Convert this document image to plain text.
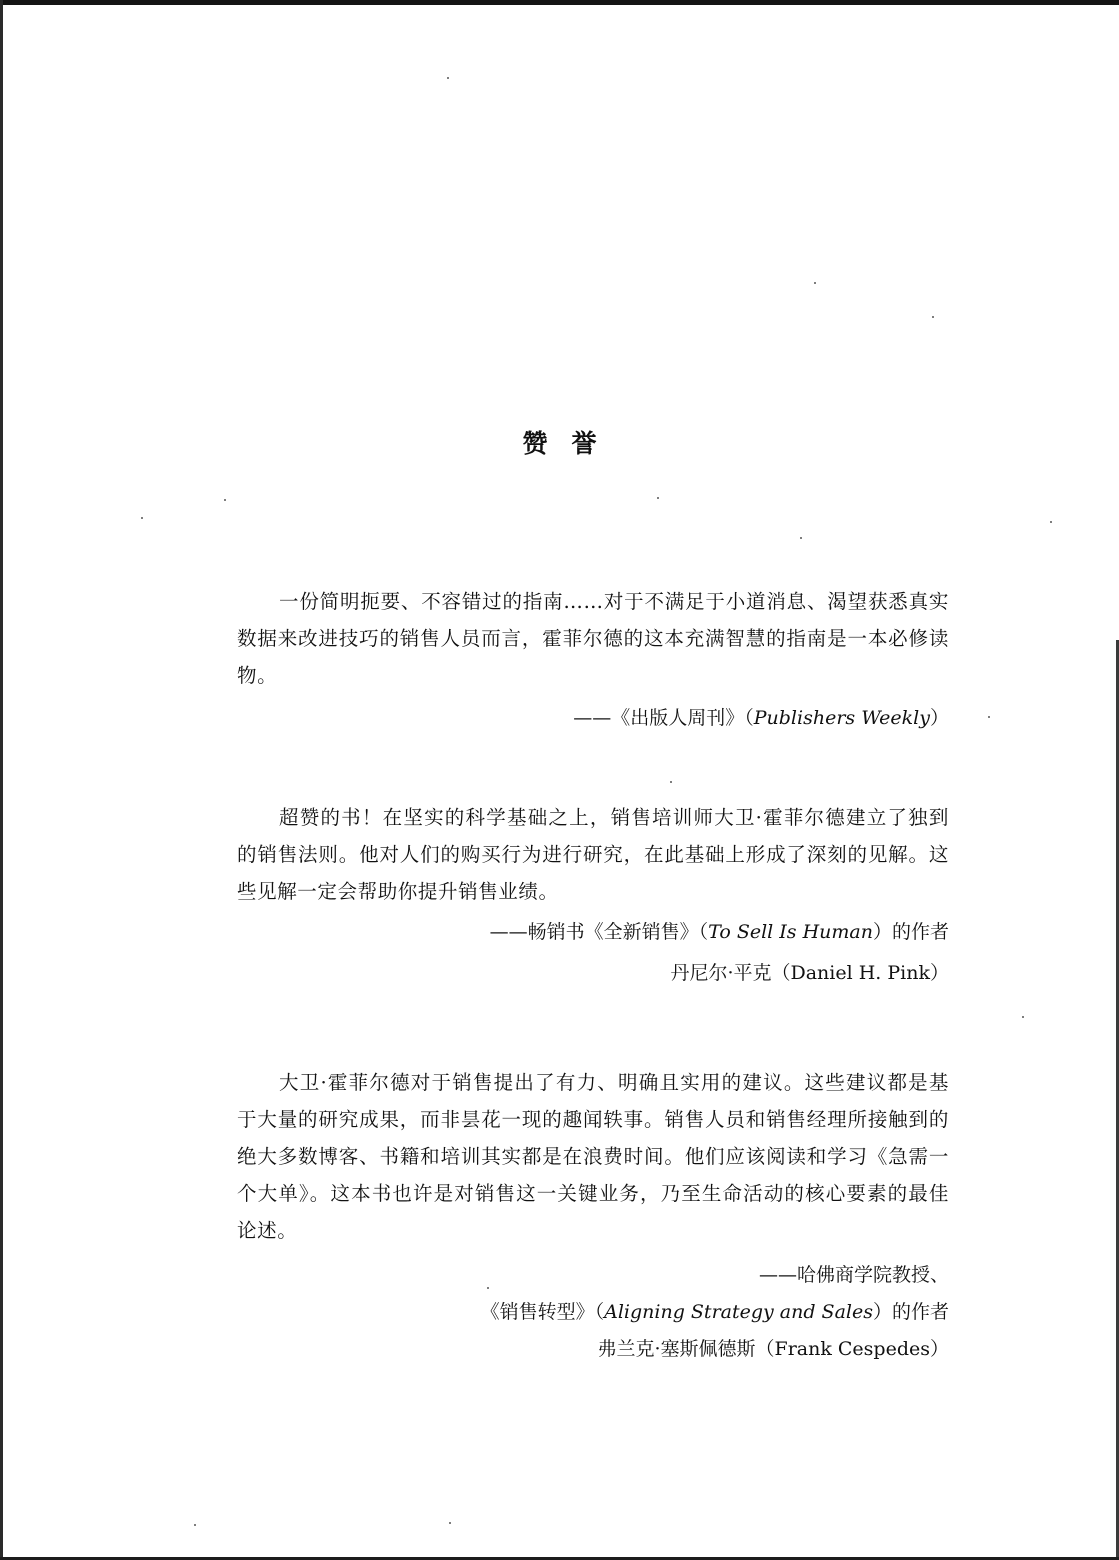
赞誉

一份简明扼要、不容错过的指南……对于不满足于小道消息、渴望获悉真实数据来改进技巧的销售人员而言，霍菲尔德的这本充满智慧的指南是一本必修读物。

——《出版人周刊》（Publishers Weekly）

超赞的书！在坚实的科学基础之上，销售培训师大卫·霍菲尔德建立了独到的销售法则。他对人们的购买行为进行研究，在此基础上形成了深刻的见解。这些见解一定会帮助你提升销售业绩。

——畅销书《全新销售》（To Sell Is Human）的作者

丹尼尔·平克（Daniel H. Pink）

大卫·霍菲尔德对于销售提出了有力、明确且实用的建议。这些建议都是基于大量的研究成果，而非昙花一现的趣闻轶事。销售人员和销售经理所接触到的绝大多数博客、书籍和培训其实都是在浪费时间。他们应该阅读和学习《急需一个大单》。这本书也许是对销售这一关键业务，乃至生命活动的核心要素的最佳论述。

——哈佛商学院教授、

《销售转型》（Aligning Strategy and Sales）的作者

弗兰克·塞斯佩德斯（Frank Cespedes）
